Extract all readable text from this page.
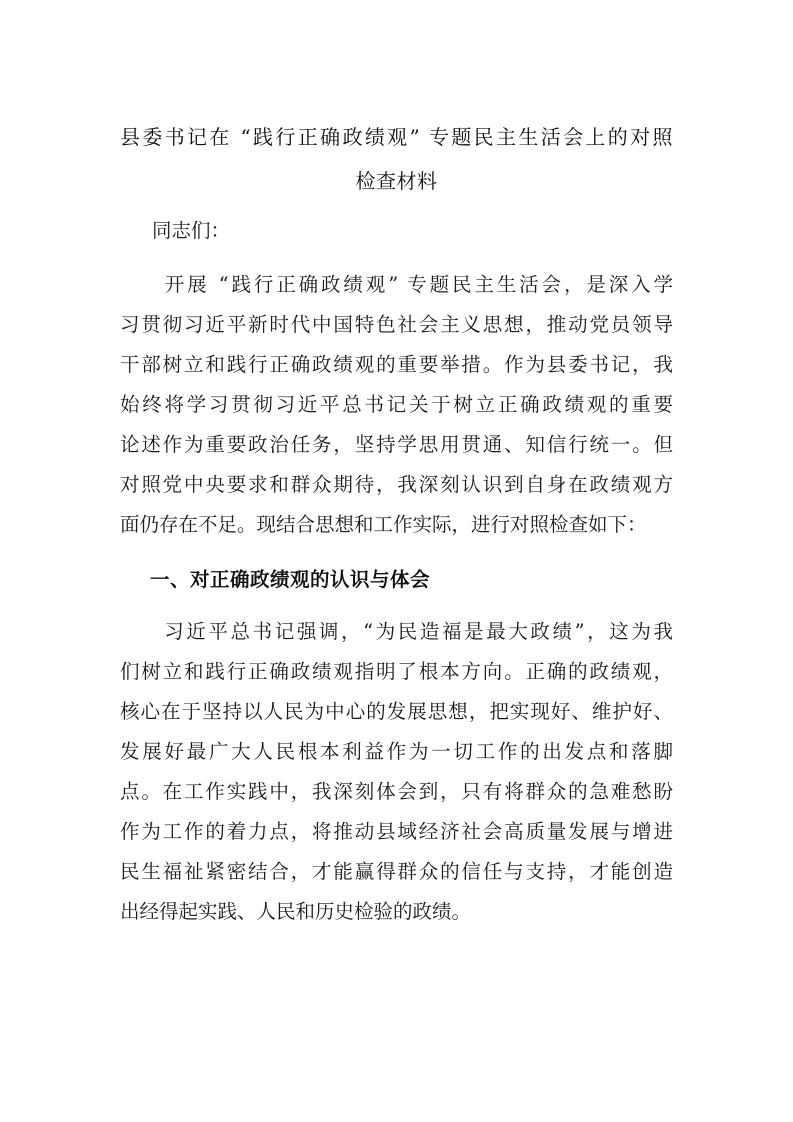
县委书记在 “践行正确政绩观” 专题民主生活会上的对照
检查材料
同志们：
　　开展 “践行正确政绩观” 专题民主生活会，是深入学
习贯彻习近平新时代中国特色社会主义思想，推动党员领导
干部树立和践行正确政绩观的重要举措。作为县委书记，我
始终将学习贯彻习近平总书记关于树立正确政绩观的重要
论述作为重要政治任务，坚持学思用贯通、知信行统一。但
对照党中央要求和群众期待，我深刻认识到自身在政绩观方
面仍存在不足。现结合思想和工作实际，进行对照检查如下：
一、对正确政绩观的认识与体会
　　习近平总书记强调，“为民造福是最大政绩”，这为我
们树立和践行正确政绩观指明了根本方向。正确的政绩观，
核心在于坚持以人民为中心的发展思想，把实现好、维护好、
发展好最广大人民根本利益作为一切工作的出发点和落脚
点。在工作实践中，我深刻体会到，只有将群众的急难愁盼
作为工作的着力点，将推动县域经济社会高质量发展与增进
民生福祉紧密结合，才能赢得群众的信任与支持，才能创造
出经得起实践、人民和历史检验的政绩。
